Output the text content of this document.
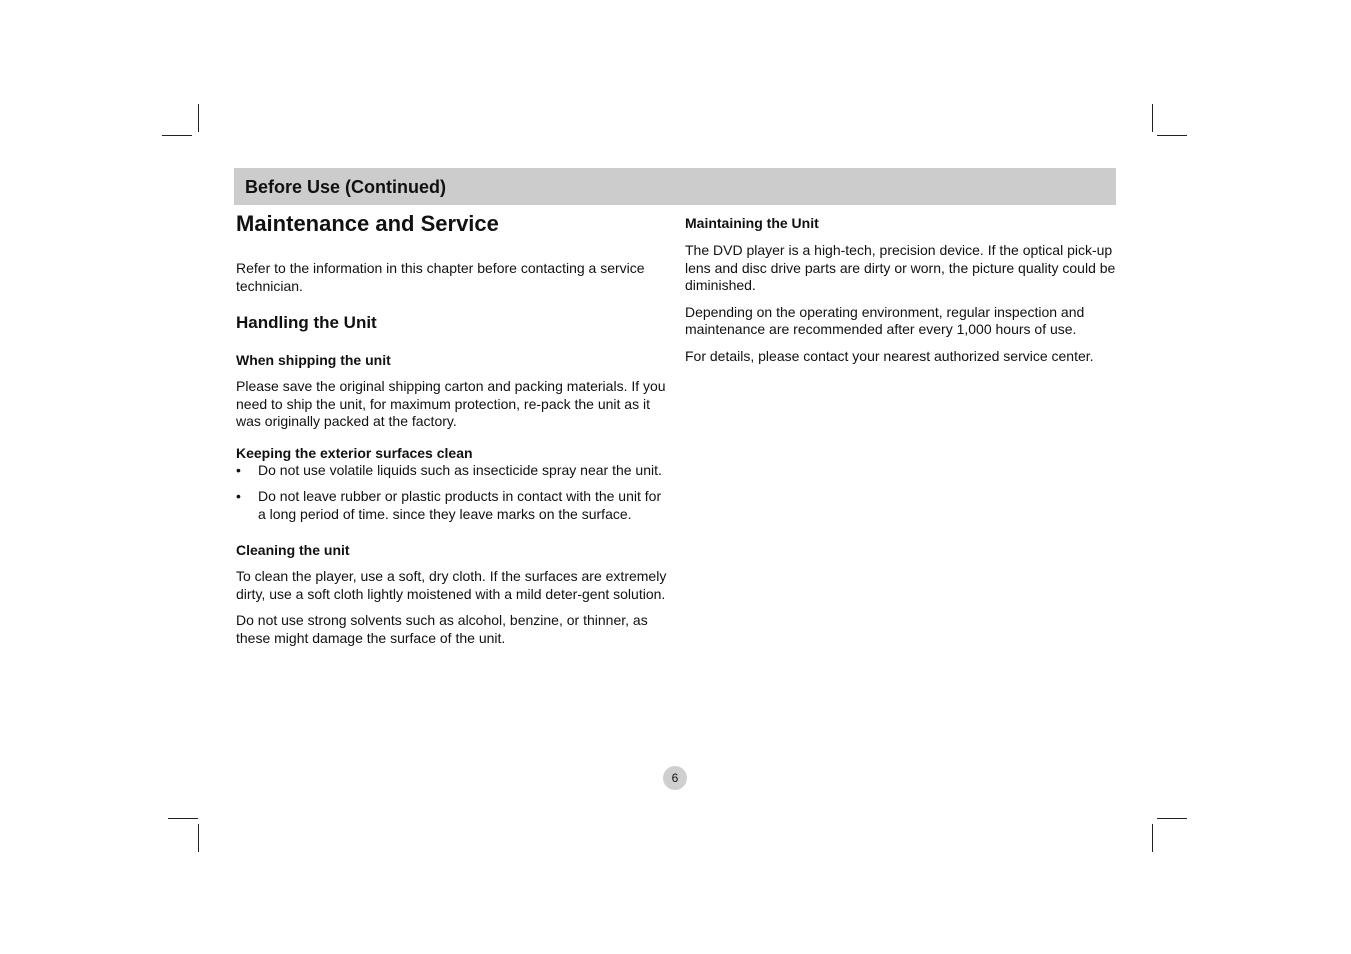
Before Use (Continued)
Maintenance and Service

Refer to the information in this chapter before contacting a service technician.

Handling the Unit
When shipping the unit

Please save the original shipping carton and packing materials. If you need to ship the unit, for maximum protection, re-pack the unit as it was originally packed at the factory.

Keeping the exterior surfaces clean
• Do not use volatile liquids such as insecticide spray near the unit.
• Do not leave rubber or plastic products in contact with the unit for a long period of time. since they leave marks on the surface.
Cleaning the unit

To clean the player, use a soft, dry cloth. If the surfaces are extremely dirty, use a soft cloth lightly moistened with a mild deter-gent solution.

Do not use strong solvents such as alcohol, benzine, or thinner, as these might damage the surface of the unit.

Maintaining the Unit

The DVD player is a high-tech, precision device. If the optical pick-up lens and disc drive parts are dirty or worn, the picture quality could be diminished.

Depending on the operating environment, regular inspection and maintenance are recommended after every 1,000 hours of use.

For details, please contact your nearest authorized service center.

6
